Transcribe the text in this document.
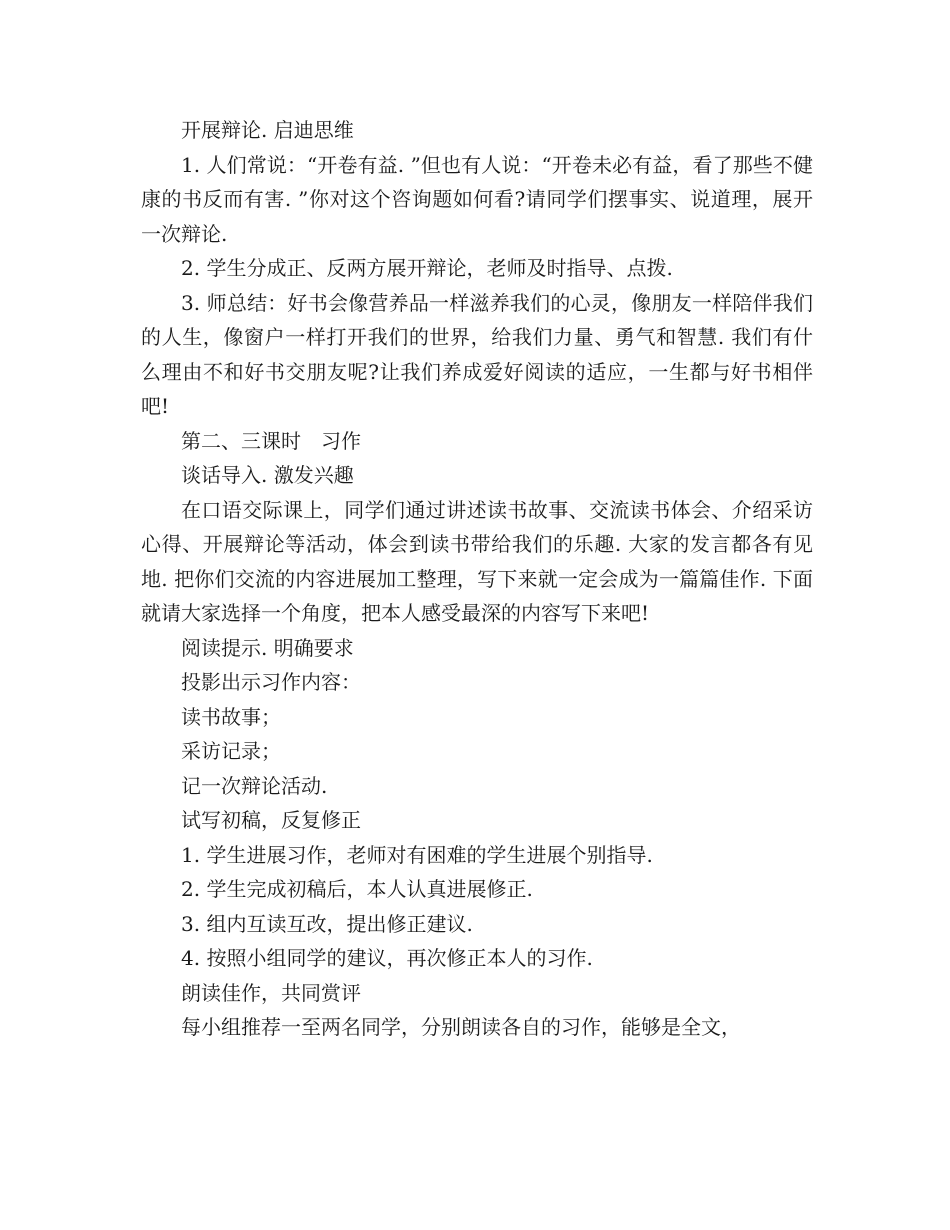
开展辩论. 启迪思维

1. 人们常说：“开卷有益. ”但也有人说：“开卷未必有益，看了那些不健康的书反而有害. ”你对这个咨询题如何看?请同学们摆事实、说道理，展开一次辩论.

2. 学生分成正、反两方展开辩论，老师及时指导、点拨.

3. 师总结：好书会像营养品一样滋养我们的心灵，像朋友一样陪伴我们的人生，像窗户一样打开我们的世界，给我们力量、勇气和智慧. 我们有什么理由不和好书交朋友呢?让我们养成爱好阅读的适应，一生都与好书相伴吧!

第二、三课时　习作

谈话导入. 激发兴趣

在口语交际课上，同学们通过讲述读书故事、交流读书体会、介绍采访心得、开展辩论等活动，体会到读书带给我们的乐趣. 大家的发言都各有见地. 把你们交流的内容进展加工整理，写下来就一定会成为一篇篇佳作. 下面就请大家选择一个角度，把本人感受最深的内容写下来吧!

阅读提示. 明确要求

投影出示习作内容：

读书故事；

采访记录；

记一次辩论活动.

试写初稿，反复修正

1. 学生进展习作，老师对有困难的学生进展个别指导.

2. 学生完成初稿后，本人认真进展修正.

3. 组内互读互改，提出修正建议.

4. 按照小组同学的建议，再次修正本人的习作.

朗读佳作，共同赏评

每小组推荐一至两名同学，分别朗读各自的习作，能够是全文，
